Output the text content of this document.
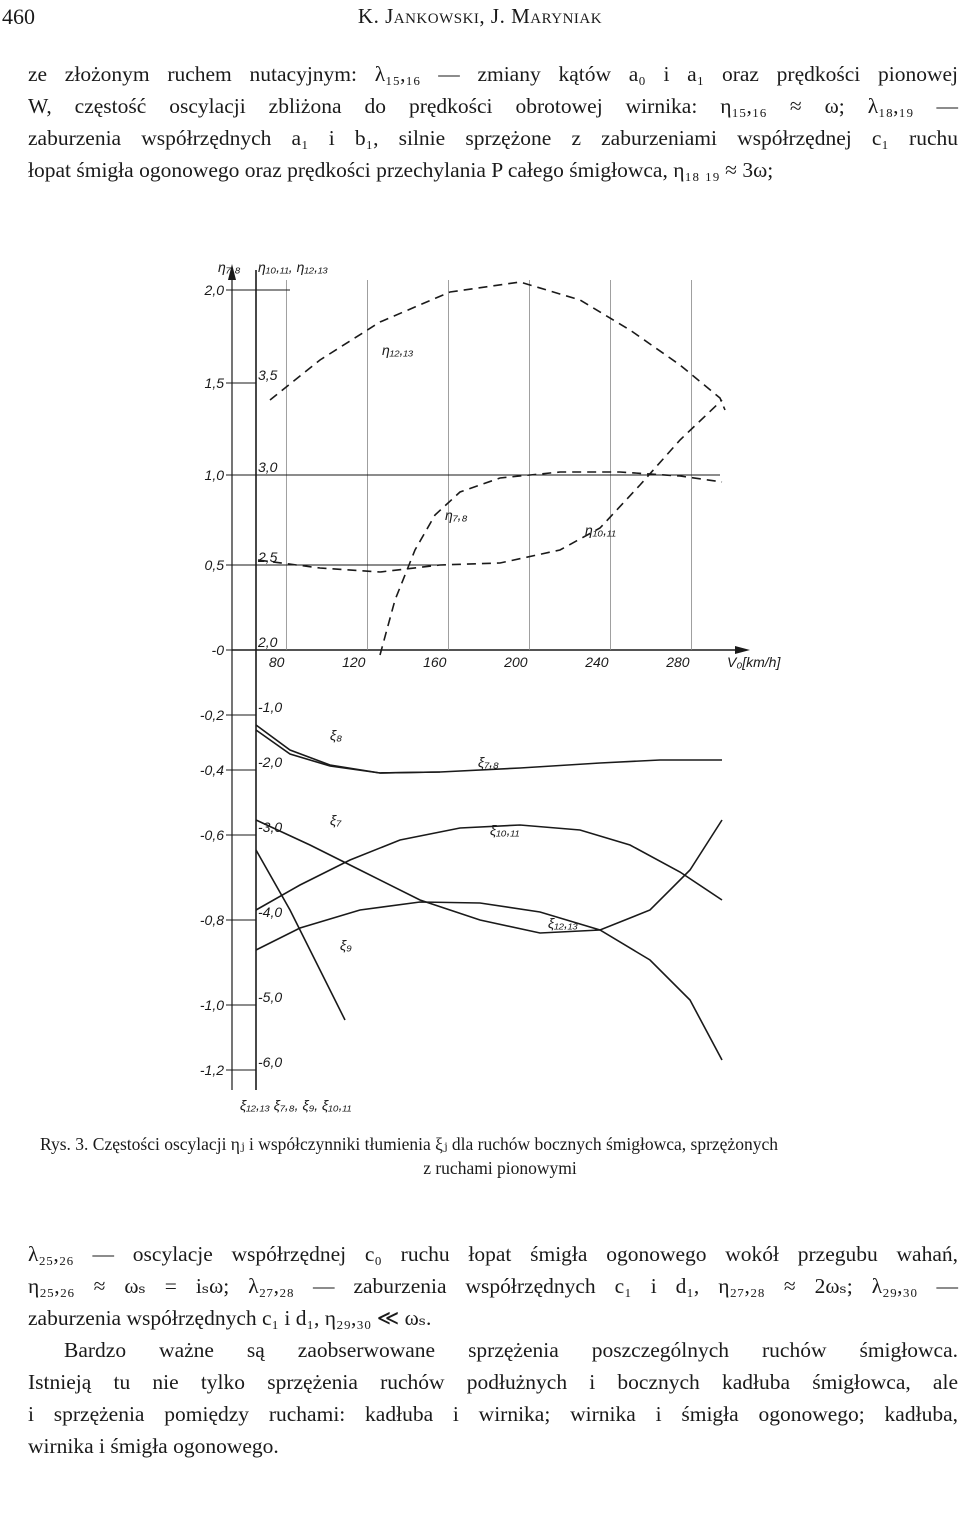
460	K. Jankowski, J. Maryniak
ze złożonym ruchem nutacyjnym: λ₁₅,₁₆ — zmiany kątów a₀ i a₁ oraz prędkości pionowej
W, częstość oscylacji zbliżona do prędkości obrotowej wirnika: η₁₅,₁₆ ≈ ω; λ₁₈,₁₉ —
zaburzenia współrzędnych a₁ i b₁, silnie sprzężone z zaburzeniami współrzędnej c₁ ruchu
łopat śmigła ogonowego oraz prędkości przechylania P całego śmigłowca, η₁₈ ₁₉ ≈ 3ω;
80	120	160	200	240	280	V₀[km/h]
2,0
1,5
1,0
0,5
-0
-0,2
-0,4
-0,6
-0,8
-1,0
-1,2
η₇,₈
3,5
3,0
2,5
2,0
-1,0
-2,0
-3,0
-4,0
-5,0
-6,0
η₁₀,₁₁, η₁₂,₁₃
ξ₁₂,₁₃ ξ₇,₈, ξ₉, ξ₁₀,₁₁
η₁₂,₁₃
η₇,₈
η₁₀,₁₁
ξ₈
ξ₇,₈
ξ₇
ξ₁₀,₁₁
ξ₁₂,₁₃
ξ₉
Rys. 3. Częstości oscylacji ηⱼ i współczynniki tłumienia ξⱼ dla ruchów bocznych śmigłowca, sprzężonych
z ruchami pionowymi
λ₂₅,₂₆ — oscylacje współrzędnej c₀ ruchu łopat śmigła ogonowego wokół przegubu wahań,
η₂₅,₂₆ ≈ ωₛ = iₛω; λ₂₇,₂₈ — zaburzenia współrzędnych c₁ i d₁, η₂₇,₂₈ ≈ 2ωₛ; λ₂₉,₃₀ —
zaburzenia współrzędnych c₁ i d₁, η₂₉,₃₀ ≪ ωₛ.
Bardzo ważne są zaobserwowane sprzężenia poszczególnych ruchów śmigłowca.
Istnieją tu nie tylko sprzężenia ruchów podłużnych i bocznych kadłuba śmigłowca, ale
i sprzężenia pomiędzy ruchami: kadłuba i wirnika; wirnika i śmigła ogonowego; kadłuba,
wirnika i śmigła ogonowego.
